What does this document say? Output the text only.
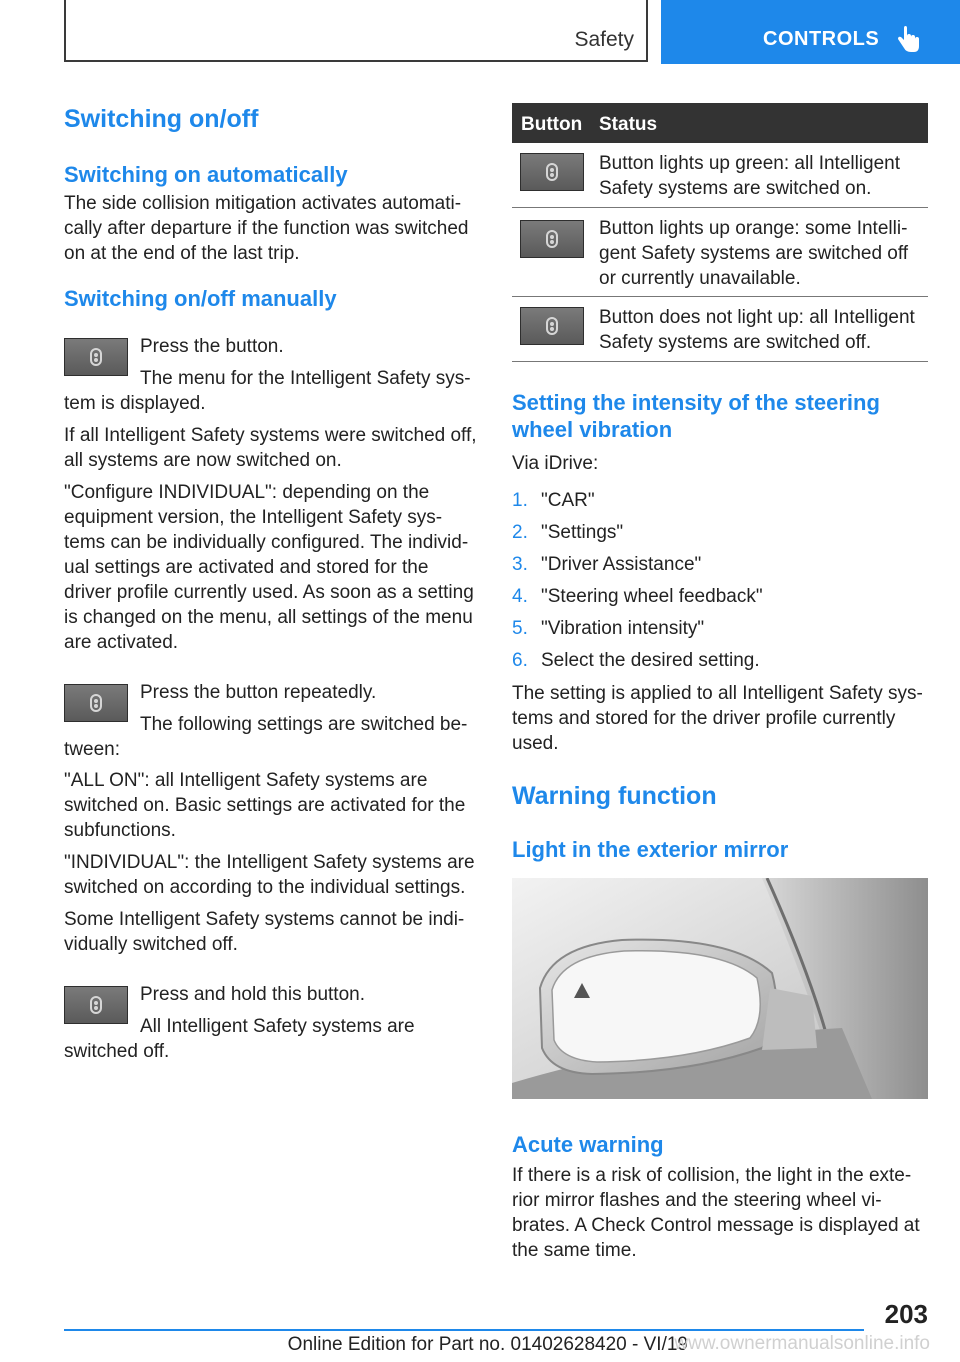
Safety	CONTROLS
Switching on/off
Switching on automatically

The side collision mitigation activates automati-cally after departure if the function was switched on at the end of the last trip.

Switching on/off manually

Press the button.

The menu for the Intelligent Safety sys-

tem is displayed.

If all Intelligent Safety systems were switched off, all systems are now switched on.

"Configure INDIVIDUAL": depending on the equipment version, the Intelligent Safety sys-tems can be individually configured. The individ-ual settings are activated and stored for the driver profile currently used. As soon as a setting is changed on the menu, all settings of the menu are activated.

Press the button repeatedly.

The following settings are switched be-

tween:

"ALL ON": all Intelligent Safety systems are switched on. Basic settings are activated for the subfunctions.

"INDIVIDUAL": the Intelligent Safety systems are switched on according to the individual settings.

Some Intelligent Safety systems cannot be indi-vidually switched off.

Press and hold this button.

All Intelligent Safety systems are

switched off.

Button Status
Button lights up green: all Intelligent Safety systems are switched on.
Button lights up orange: some Intelli-gent Safety systems are switched off or currently unavailable.
Button does not light up: all Intelligent Safety systems are switched off.
Setting the intensity of the steering wheel vibration

Via iDrive:

1. "CAR"
2. "Settings"
3. "Driver Assistance"
4. "Steering wheel feedback"
5. "Vibration intensity"
6. Select the desired setting.

The setting is applied to all Intelligent Safety sys-tems and stored for the driver profile currently used.

Warning function
Light in the exterior mirror
Acute warning

If there is a risk of collision, the light in the exte-rior mirror flashes and the steering wheel vi-brates. A Check Control message is displayed at the same time.

203
Online Edition for Part no. 01402628420 - VI/19
www.ownermanualsonline.info
